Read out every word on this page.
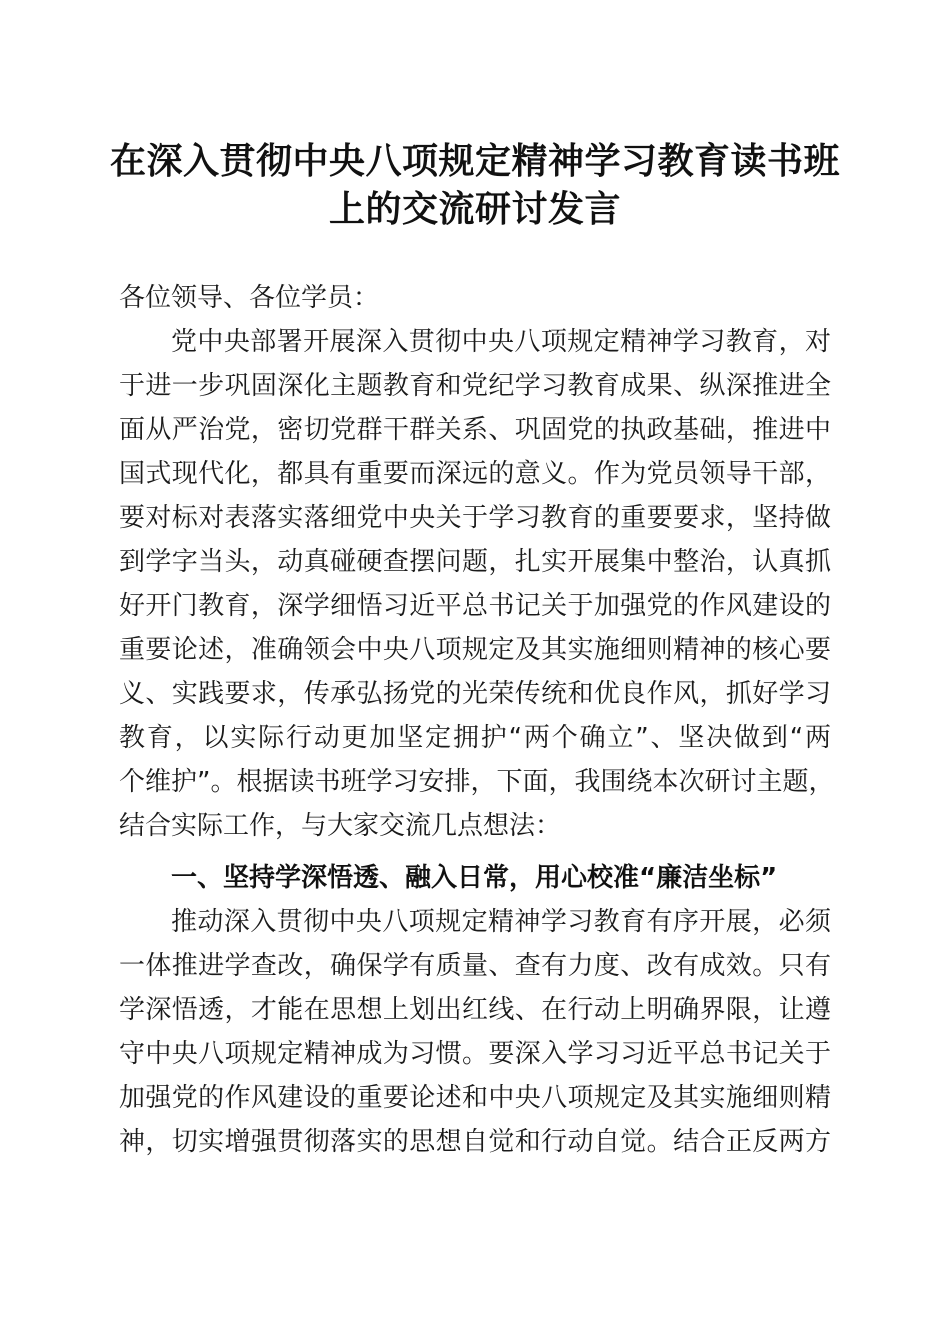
在深入贯彻中央八项规定精神学习教育读书班
上的交流研讨发言
各位领导、各位学员：
党中央部署开展深入贯彻中央八项规定精神学习教育，对
于进一步巩固深化主题教育和党纪学习教育成果、纵深推进全
面从严治党，密切党群干群关系、巩固党的执政基础，推进中
国式现代化，都具有重要而深远的意义。作为党员领导干部，
要对标对表落实落细党中央关于学习教育的重要要求，坚持做
到学字当头，动真碰硬查摆问题，扎实开展集中整治，认真抓
好开门教育，深学细悟习近平总书记关于加强党的作风建设的
重要论述，准确领会中央八项规定及其实施细则精神的核心要
义、实践要求，传承弘扬党的光荣传统和优良作风，抓好学习
教育，以实际行动更加坚定拥护“两个确立”、坚决做到“两
个维护”。根据读书班学习安排，下面，我围绕本次研讨主题，
结合实际工作，与大家交流几点想法：
一、坚持学深悟透、融入日常，用心校准“廉洁坐标”
推动深入贯彻中央八项规定精神学习教育有序开展，必须
一体推进学查改，确保学有质量、查有力度、改有成效。只有
学深悟透，才能在思想上划出红线、在行动上明确界限，让遵
守中央八项规定精神成为习惯。要深入学习习近平总书记关于
加强党的作风建设的重要论述和中央八项规定及其实施细则精
神，切实增强贯彻落实的思想自觉和行动自觉。结合正反两方
